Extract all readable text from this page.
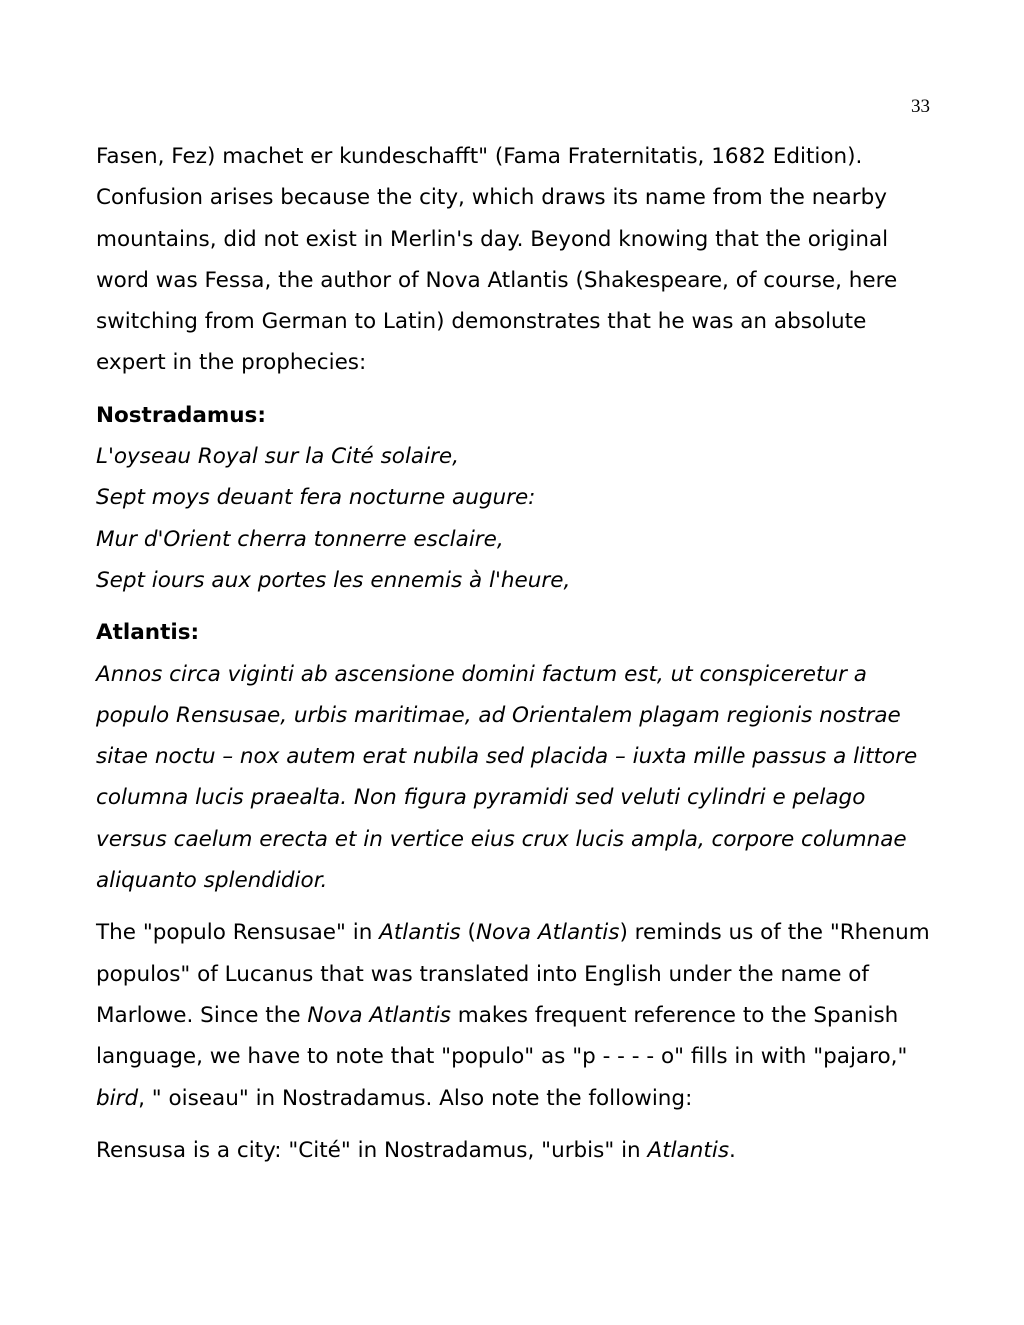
33

Fasen, Fez) machet er kundeschafft" (Fama Fraternitatis, 1682 Edition). Confusion arises because the city, which draws its name from the nearby mountains, did not exist in Merlin's day. Beyond knowing that the original word was Fessa, the author of Nova Atlantis (Shakespeare, of course, here switching from German to Latin) demonstrates that he was an absolute expert in the prophecies:

Nostradamus:

L'oyseau Royal sur la Cité solaire,

Sept moys deuant fera nocturne augure:

Mur d'Orient cherra tonnerre esclaire,

Sept iours aux portes les ennemis à l'heure,

Atlantis:

Annos circa viginti ab ascensione domini factum est, ut conspiceretur a populo Rensusae, urbis maritimae, ad Orientalem plagam regionis nostrae sitae noctu – nox autem erat nubila sed placida – iuxta mille passus a littore columna lucis praealta. Non figura pyramidi sed veluti cylindri e pelago versus caelum erecta et in vertice eius crux lucis ampla, corpore columnae aliquanto splendidior.

The "populo Rensusae" in Atlantis (Nova Atlantis) reminds us of the "Rhenum populos" of Lucanus that was translated into English under the name of Marlowe. Since the Nova Atlantis makes frequent reference to the Spanish language, we have to note that "populo" as "p - - - - o" fills in with "pajaro," bird, " oiseau" in Nostradamus. Also note the following:

Rensusa is a city: "Cité" in Nostradamus, "urbis" in Atlantis.
